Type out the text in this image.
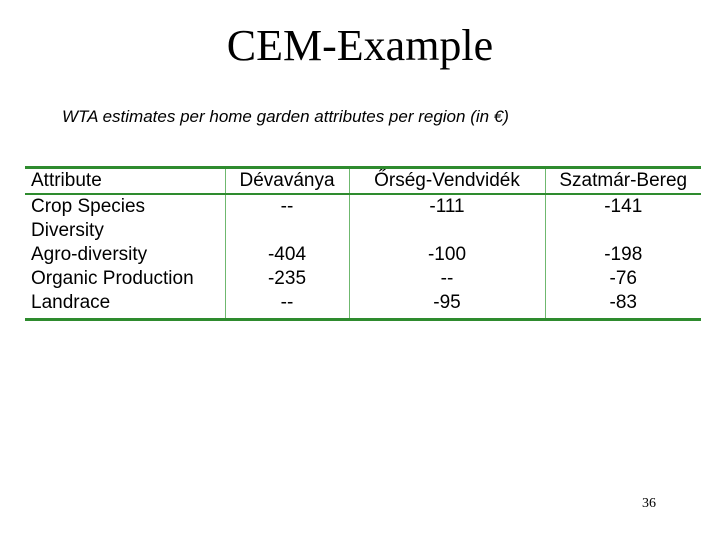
CEM-Example
WTA estimates per home garden attributes per region (in €)
Attribute	Dévaványa	Őrség-Vendvidék	Szatmár-Bereg
Crop Species	--	-111	-141
Diversity			
Agro-diversity	-404	-100	-198
Organic Production	-235	--	-76
Landrace	--	-95	-83
36
